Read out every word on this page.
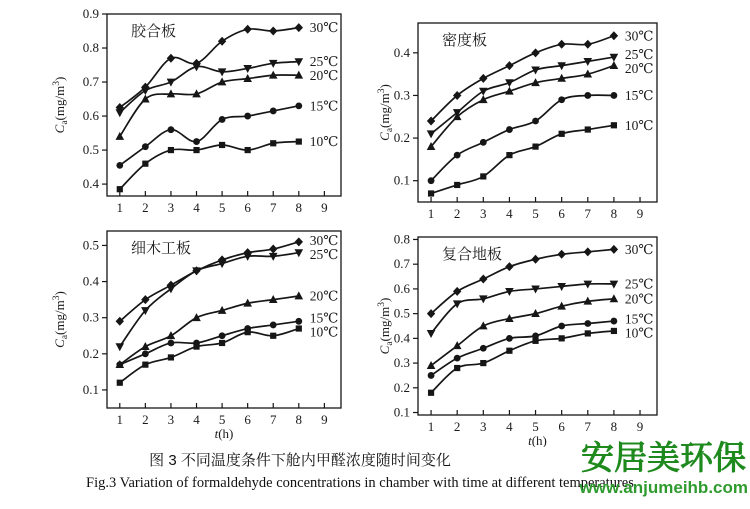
1 2 3 4 5 6 7 8 9
0.4
0.5
0.6
0.7
0.8
0.9
胶合板
$C_a(mg/m^3)$
30℃
25℃
20℃
15℃
10℃
1 2 3 4 5 6 7 8 9
0.1
0.2
0.3
0.4
密度板
$C_a(mg/m^3)$
30℃
25℃
20℃
15℃
10℃
1 2 3 4 5 6 7 8 9
0.1
0.2
0.3
0.4
0.5 细木工板
$C_a(mg/m^3)$
t(h)
30℃
25℃
20℃
15℃
10℃
1 2 3 4 5 6 7 8 9
0.1
0.2
0.3
0.4
0.5
0.6
0.7
0.8
复合地板
$C_a(mg/m^3)$
t(h)
30℃
25℃
20℃
15℃
10℃
图 3 不同温度条件下舱内甲醛浓度随时间变化
Fig.3 Variation of formaldehyde concentrations in chamber with time at different temperatures
安居美环保
www.anjumeihb.com
